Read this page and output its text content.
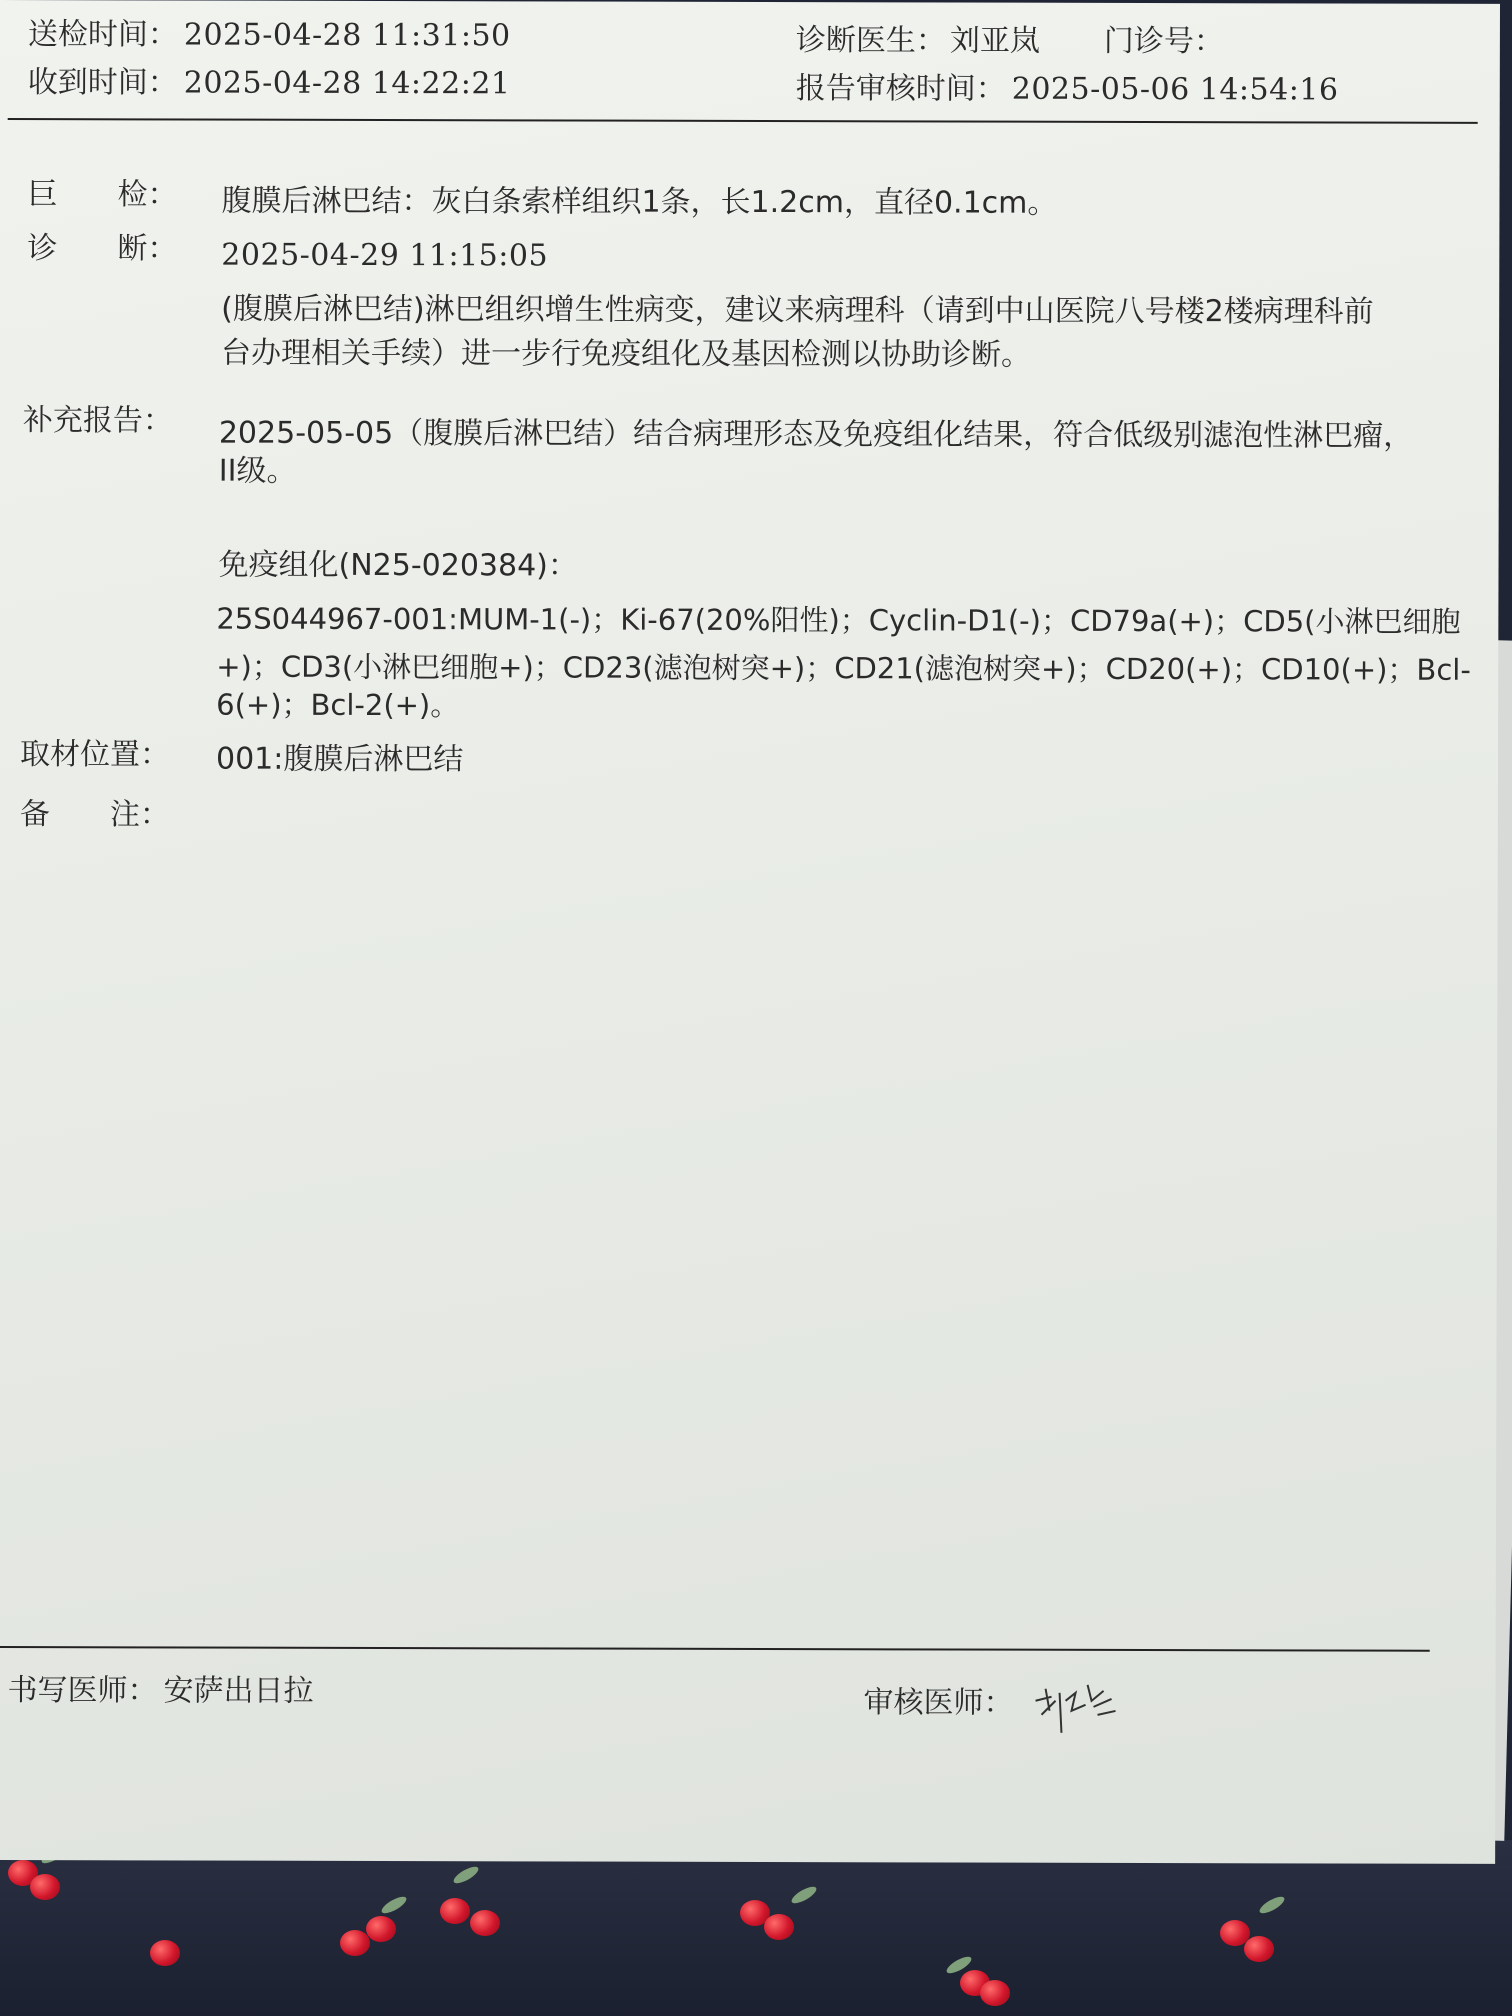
送检时间： 2025-04-28 11:31:50
收到时间： 2025-04-28 14:22:21
诊断医生： 刘亚岚 门诊号：
报告审核时间： 2025-05-06 14:54:16
巨　　检： 腹膜后淋巴结：灰白条索样组织1条，长1.2cm，直径0.1cm。
诊　　断： 2025-04-29 11:15:05
(腹膜后淋巴结)淋巴组织增生性病变，建议来病理科（请到中山医院八号楼2楼病理科前
台办理相关手续）进一步行免疫组化及基因检测以协助诊断。
补充报告： 2025-05-05（腹膜后淋巴结）结合病理形态及免疫组化结果，符合低级别滤泡性淋巴瘤，
II级。
免疫组化(N25-020384)：
25S044967-001:MUM-1(-)；Ki-67(20%阳性)；Cyclin-D1(-)；CD79a(+)；CD5(小淋巴细胞
+)；CD3(小淋巴细胞+)；CD23(滤泡树突+)；CD21(滤泡树突+)；CD20(+)；CD10(+)；Bcl-
6(+)；Bcl-2(+)。
取材位置： 001:腹膜后淋巴结
备　　注：
书写医师： 安萨出日拉	审核医师：
